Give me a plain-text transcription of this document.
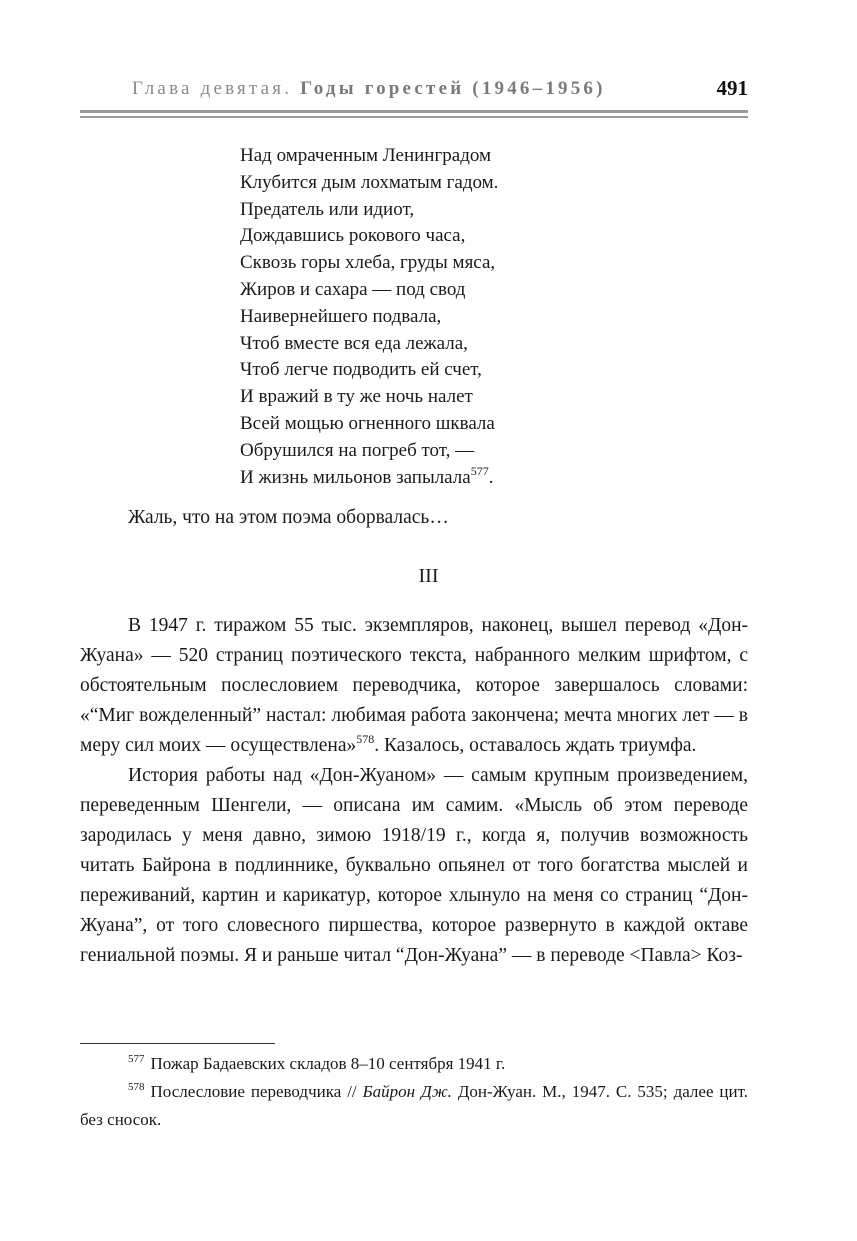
Глава девятая. Годы горестей (1946–1956)	491
Над омраченным Ленинградом
Клубится дым лохматым гадом.
Предатель или идиот,
Дождавшись рокового часа,
Сквозь горы хлеба, груды мяса,
Жиров и сахара — под свод
Наивернейшего подвала,
Чтоб вместе вся еда лежала,
Чтоб легче подводить ей счет,
И вражий в ту же ночь налет
Всей мощью огненного шквала
Обрушился на погреб тот, —
И жизнь мильонов запылала$^{577}$.
Жаль, что на этом поэма оборвалась…
III

В 1947 г. тиражом 55 тыс. экземпляров, наконец, вышел перевод «Дон-Жуана» — 520 страниц поэтического текста, набранного мелким шрифтом, с обстоятельным послесловием переводчика, которое завершалось словами: «“Миг вожделенный” настал: любимая работа закончена; мечта многих лет — в меру сил моих — осуществлена»$^{578}$. Казалось, оставалось ждать триумфа.

История работы над «Дон-Жуаном» — самым крупным произведением, переведенным Шенгели, — описана им самим. «Мысль об этом переводе зародилась у меня давно, зимою 1918/19 г., когда я, получив возможность читать Байрона в подлиннике, буквально опьянел от того богатства мыслей и переживаний, картин и карикатур, которое хлынуло на меня со страниц “Дон-Жуана”, от того словесного пиршества, которое развернуто в каждой октаве гениальной поэмы. Я и раньше читал “Дон-Жуана” — в переводе <Павла> Коз-

$^{577}$ Пожар Бадаевских складов 8–10 сентября 1941 г.

$^{578}$ Послесловие переводчика // Байрон Дж. Дон-Жуан. М., 1947. С. 535; далее цит. без сносок.
